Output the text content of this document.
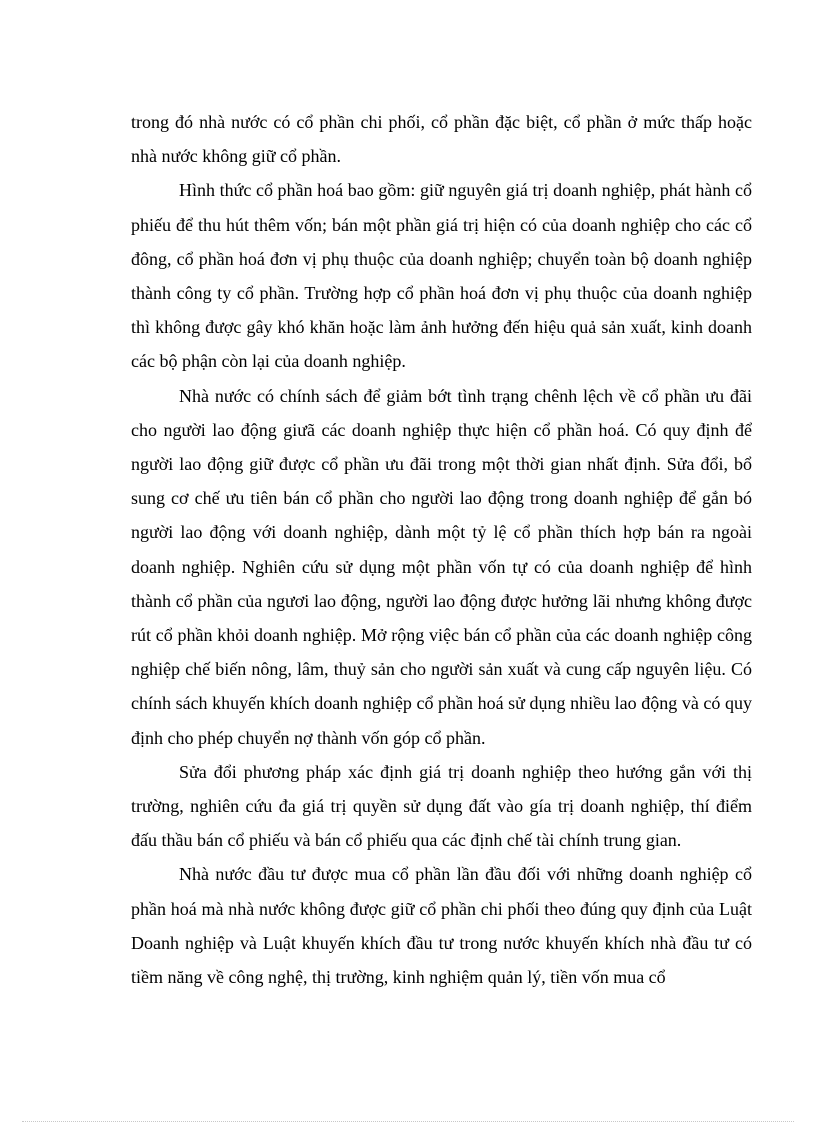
trong đó nhà nước có cổ phần chi phối, cổ phần đặc biệt, cổ phần ở mức thấp hoặc nhà nước không giữ cổ phần.

Hình thức cổ phần hoá bao gồm: giữ nguyên giá trị doanh nghiệp, phát hành cổ phiếu để thu hút thêm vốn; bán một phần giá trị hiện có của doanh nghiệp cho các cổ đông, cổ phần hoá đơn vị phụ thuộc của doanh nghiệp; chuyển toàn bộ doanh nghiệp thành công ty cổ phần. Trường hợp cổ phần hoá đơn vị phụ thuộc của doanh nghiệp thì không được gây khó khăn hoặc làm ảnh hưởng đến hiệu quả sản xuất, kinh doanh các bộ phận còn lại của doanh nghiệp.

Nhà nước có chính sách để giảm bớt tình trạng chênh lệch về cổ phần ưu đãi cho người lao động giưã các doanh nghiệp thực hiện cổ phần hoá. Có quy định để người lao động giữ được cổ phần ưu đãi trong một thời gian nhất định. Sửa đổi, bổ sung cơ chế ưu tiên bán cổ phần cho người lao động trong doanh nghiệp để gắn bó người lao động với doanh nghiệp, dành một tỷ lệ cổ phần thích hợp bán ra ngoài doanh nghiệp. Nghiên cứu sử dụng một phần vốn tự có của doanh nghiệp để hình thành cổ phần của ngươi lao động, người lao động được hưởng lãi nhưng không được rút cổ phần khỏi doanh nghiệp. Mở rộng việc bán cổ phần của các doanh nghiệp công nghiệp chế biến nông, lâm, thuỷ sản cho người sản xuất và cung cấp nguyên liệu. Có chính sách khuyến khích doanh nghiệp cổ phần hoá sử dụng nhiều lao động và có quy định cho phép chuyển nợ thành vốn góp cổ phần.

Sửa đổi phương pháp xác định giá trị doanh nghiệp theo hướng gắn với thị trường, nghiên cứu đa giá trị quyền sử dụng đất vào gía trị doanh nghiệp, thí điểm đấu thầu bán cổ phiếu và bán cổ phiếu qua các định chế tài chính trung gian.

Nhà nước đầu tư được mua cổ phần lần đầu đối với những doanh nghiệp cổ phần hoá mà nhà nước không được giữ cổ phần chi phối theo đúng quy định của Luật Doanh nghiệp và Luật khuyến khích đầu tư trong nước khuyến khích nhà đầu tư có tiềm năng về công nghệ, thị trường, kinh nghiệm quản lý, tiền vốn mua cổ
